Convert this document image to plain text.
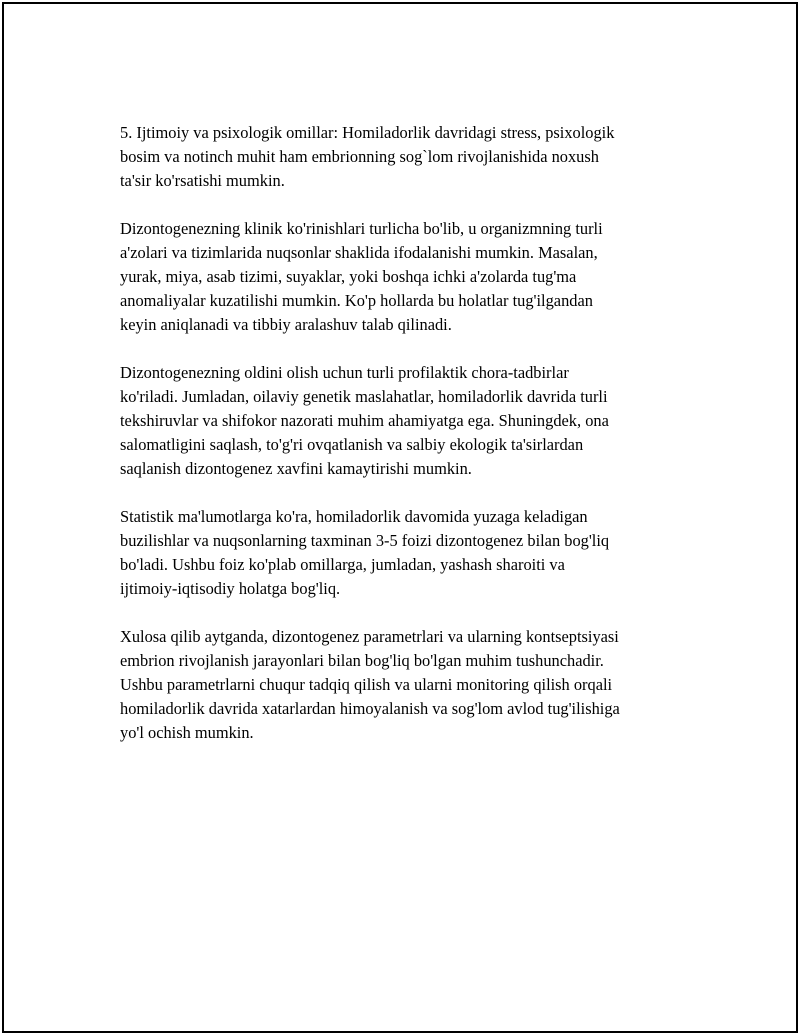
5. Ijtimoiy va psixologik omillar: Homiladorlik davridagi stress, psixologik
bosim va notinch muhit ham embrionning sog`lom rivojlanishida noxush
ta'sir ko'rsatishi mumkin.

Dizontogenezning klinik ko'rinishlari turlicha bo'lib, u organizmning turli
a'zolari va tizimlarida nuqsonlar shaklida ifodalanishi mumkin. Masalan,
yurak, miya, asab tizimi, suyaklar, yoki boshqa ichki a'zolarda tug'ma
anomaliyalar kuzatilishi mumkin. Ko'p hollarda bu holatlar tug'ilgandan
keyin aniqlanadi va tibbiy aralashuv talab qilinadi.

Dizontogenezning oldini olish uchun turli profilaktik chora-tadbirlar
ko'riladi. Jumladan, oilaviy genetik maslahatlar, homiladorlik davrida turli
tekshiruvlar va shifokor nazorati muhim ahamiyatga ega. Shuningdek, ona
salomatligini saqlash, to'g'ri ovqatlanish va salbiy ekologik ta'sirlardan
saqlanish dizontogenez xavfini kamaytirishi mumkin.

Statistik ma'lumotlarga ko'ra, homiladorlik davomida yuzaga keladigan
buzilishlar va nuqsonlarning taxminan 3-5 foizi dizontogenez bilan bog'liq
bo'ladi. Ushbu foiz ko'plab omillarga, jumladan, yashash sharoiti va
ijtimoiy-iqtisodiy holatga bog'liq.

Xulosa qilib aytganda, dizontogenez parametrlari va ularning kontseptsiyasi
embrion rivojlanish jarayonlari bilan bog'liq bo'lgan muhim tushunchadir.
Ushbu parametrlarni chuqur tadqiq qilish va ularni monitoring qilish orqali
homiladorlik davrida xatarlardan himoyalanish va sog'lom avlod tug'ilishiga
yo'l ochish mumkin.
